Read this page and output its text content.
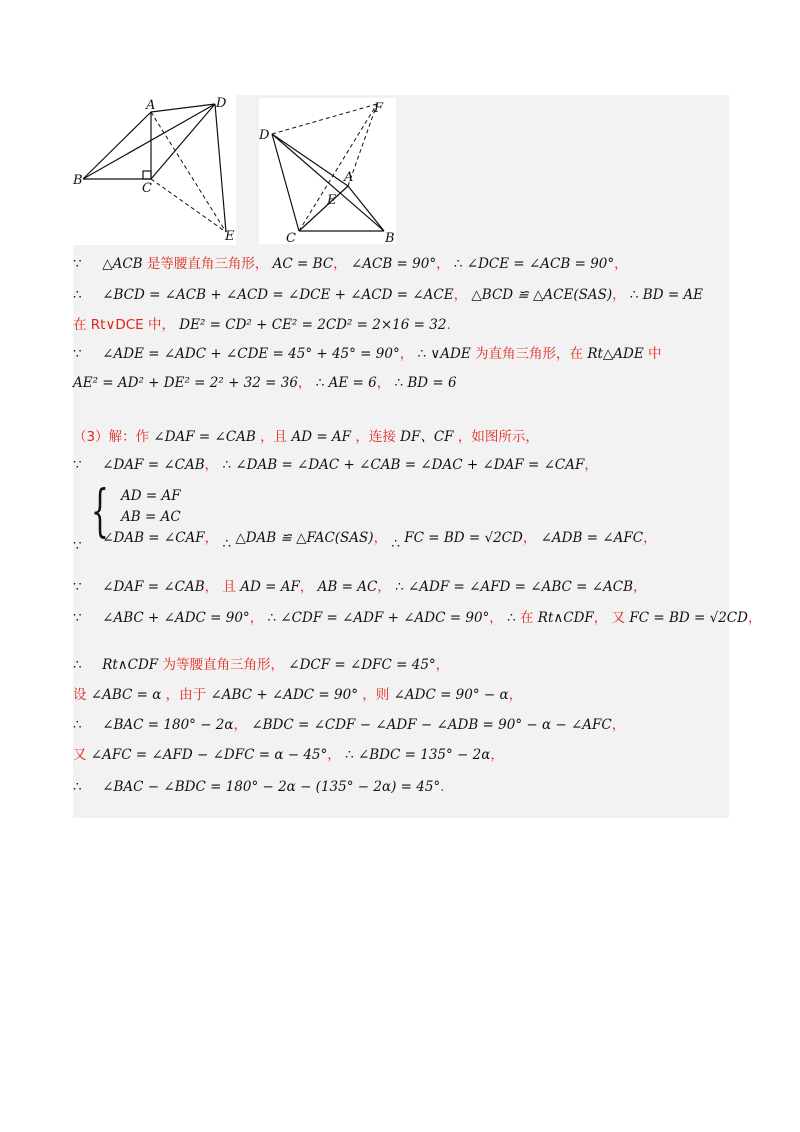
A	D
B
C
E
D
F
A
E
C	B
∵ △ACB 是等腰直角三角形， AC = BC， ∠ACB = 90°， ∴ ∠DCE = ∠ACB = 90°，
∴ ∠BCD = ∠ACB + ∠ACD = ∠DCE + ∠ACD = ∠ACE， △BCD ≌ △ACE(SAS)， ∴ BD = AE
在 Rt∨DCE 中， DE² = CD² + CE² = 2CD² = 2×16 = 32.
∵ ∠ADE = ∠ADC + ∠CDE = 45° + 45° = 90°， ∴ ∨ADE 为直角三角形，在 Rt△ADE 中
AE² = AD² + DE² = 2² + 32 = 36， ∴ AE = 6， ∴ BD = 6
（3）解：作 ∠DAF = ∠CAB ，且 AD = AF ，连接 DF、CF ，如图所示，
∵ ∠DAF = ∠CAB， ∴ ∠DAB = ∠DAC + ∠CAB = ∠DAC + ∠DAF = ∠CAF，
{ AD = AF
AB = AC
∵ ∠DAB = ∠CAF， ∴ △DAB ≌ △FAC(SAS)， ∴ FC = BD = √2CD， ∠ADB = ∠AFC，
∵ ∠DAF = ∠CAB， 且 AD = AF， AB = AC， ∴ ∠ADF = ∠AFD = ∠ABC = ∠ACB，
∵ ∠ABC + ∠ADC = 90°， ∴ ∠CDF = ∠ADF + ∠ADC = 90°， ∴ 在 Rt∧CDF， 又 FC = BD = √2CD，
∴ Rt∧CDF 为等腰直角三角形， ∠DCF = ∠DFC = 45°，
设 ∠ABC = α ，由于 ∠ABC + ∠ADC = 90° ，则 ∠ADC = 90° − α，
∴ ∠BAC = 180° − 2α， ∠BDC = ∠CDF − ∠ADF − ∠ADB = 90° − α − ∠AFC，
又 ∠AFC = ∠AFD − ∠DFC = α − 45°， ∴ ∠BDC = 135° − 2α，
∴ ∠BAC − ∠BDC = 180° − 2α − (135° − 2α) = 45°.
